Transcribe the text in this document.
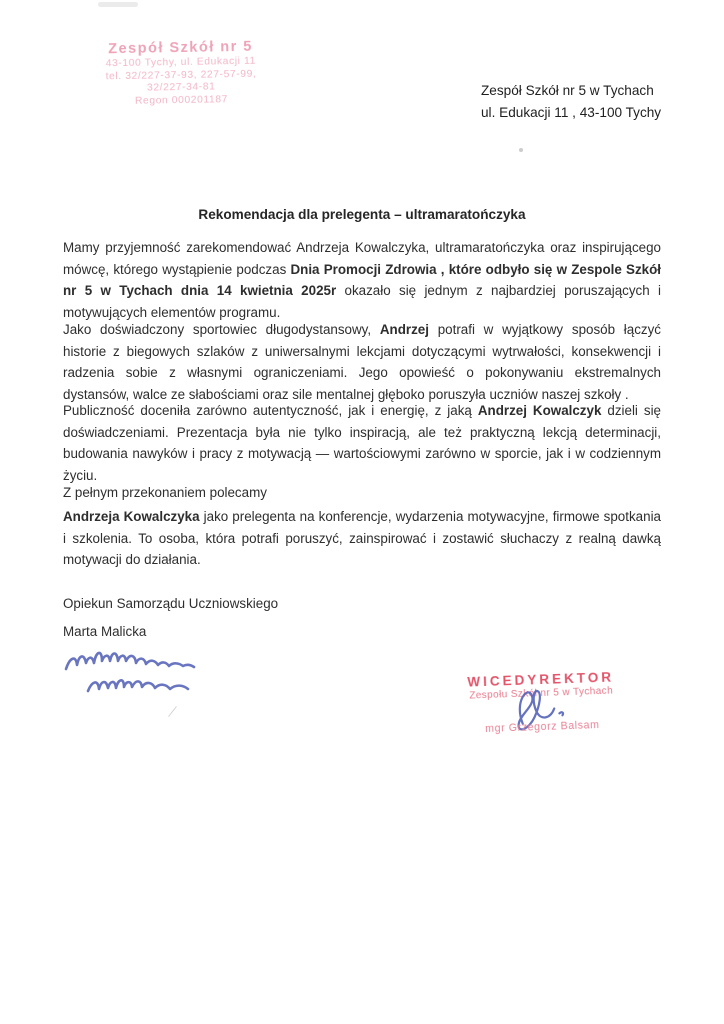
Zespół Szkół nr 5
43-100 Tychy, ul. Edukacji 11
tel. 32/227-37-93, 227-57-99,
32/227-34-81
Regon 000201187
Zespół Szkół nr 5 w Tychach
ul. Edukacji 11 , 43-100 Tychy
Rekomendacja dla prelegenta – ultramaratończyka
Mamy przyjemność zarekomendować Andrzeja Kowalczyka, ultramaratończyka oraz inspirującego mówcę, którego wystąpienie podczas Dnia Promocji Zdrowia , które odbyło się w Zespole Szkół nr 5 w Tychach dnia 14 kwietnia 2025r okazało się jednym z najbardziej poruszających i motywujących elementów programu.
Jako doświadczony sportowiec długodystansowy, Andrzej potrafi w wyjątkowy sposób łączyć historie z biegowych szlaków z uniwersalnymi lekcjami dotyczącymi wytrwałości, konsekwencji i radzenia sobie z własnymi ograniczeniami. Jego opowieść o pokonywaniu ekstremalnych dystansów, walce ze słabościami oraz sile mentalnej głęboko poruszyła uczniów naszej szkoły .
Publiczność doceniła zarówno autentyczność, jak i energię, z jaką Andrzej Kowalczyk dzieli się doświadczeniami. Prezentacja była nie tylko inspiracją, ale też praktyczną lekcją determinacji, budowania nawyków i pracy z motywacją — wartościowymi zarówno w sporcie, jak i w codziennym życiu.
Z pełnym przekonaniem polecamy
Andrzeja Kowalczyka jako prelegenta na konferencje, wydarzenia motywacyjne, firmowe spotkania i szkolenia. To osoba, która potrafi poruszyć, zainspirować i zostawić słuchaczy z realną dawką motywacji do działania.
Opiekun Samorządu Uczniowskiego
Marta Malicka
WICEDYREKTOR
Zespołu Szkół nr 5 w Tychach
mgr Grzegorz Balsam
